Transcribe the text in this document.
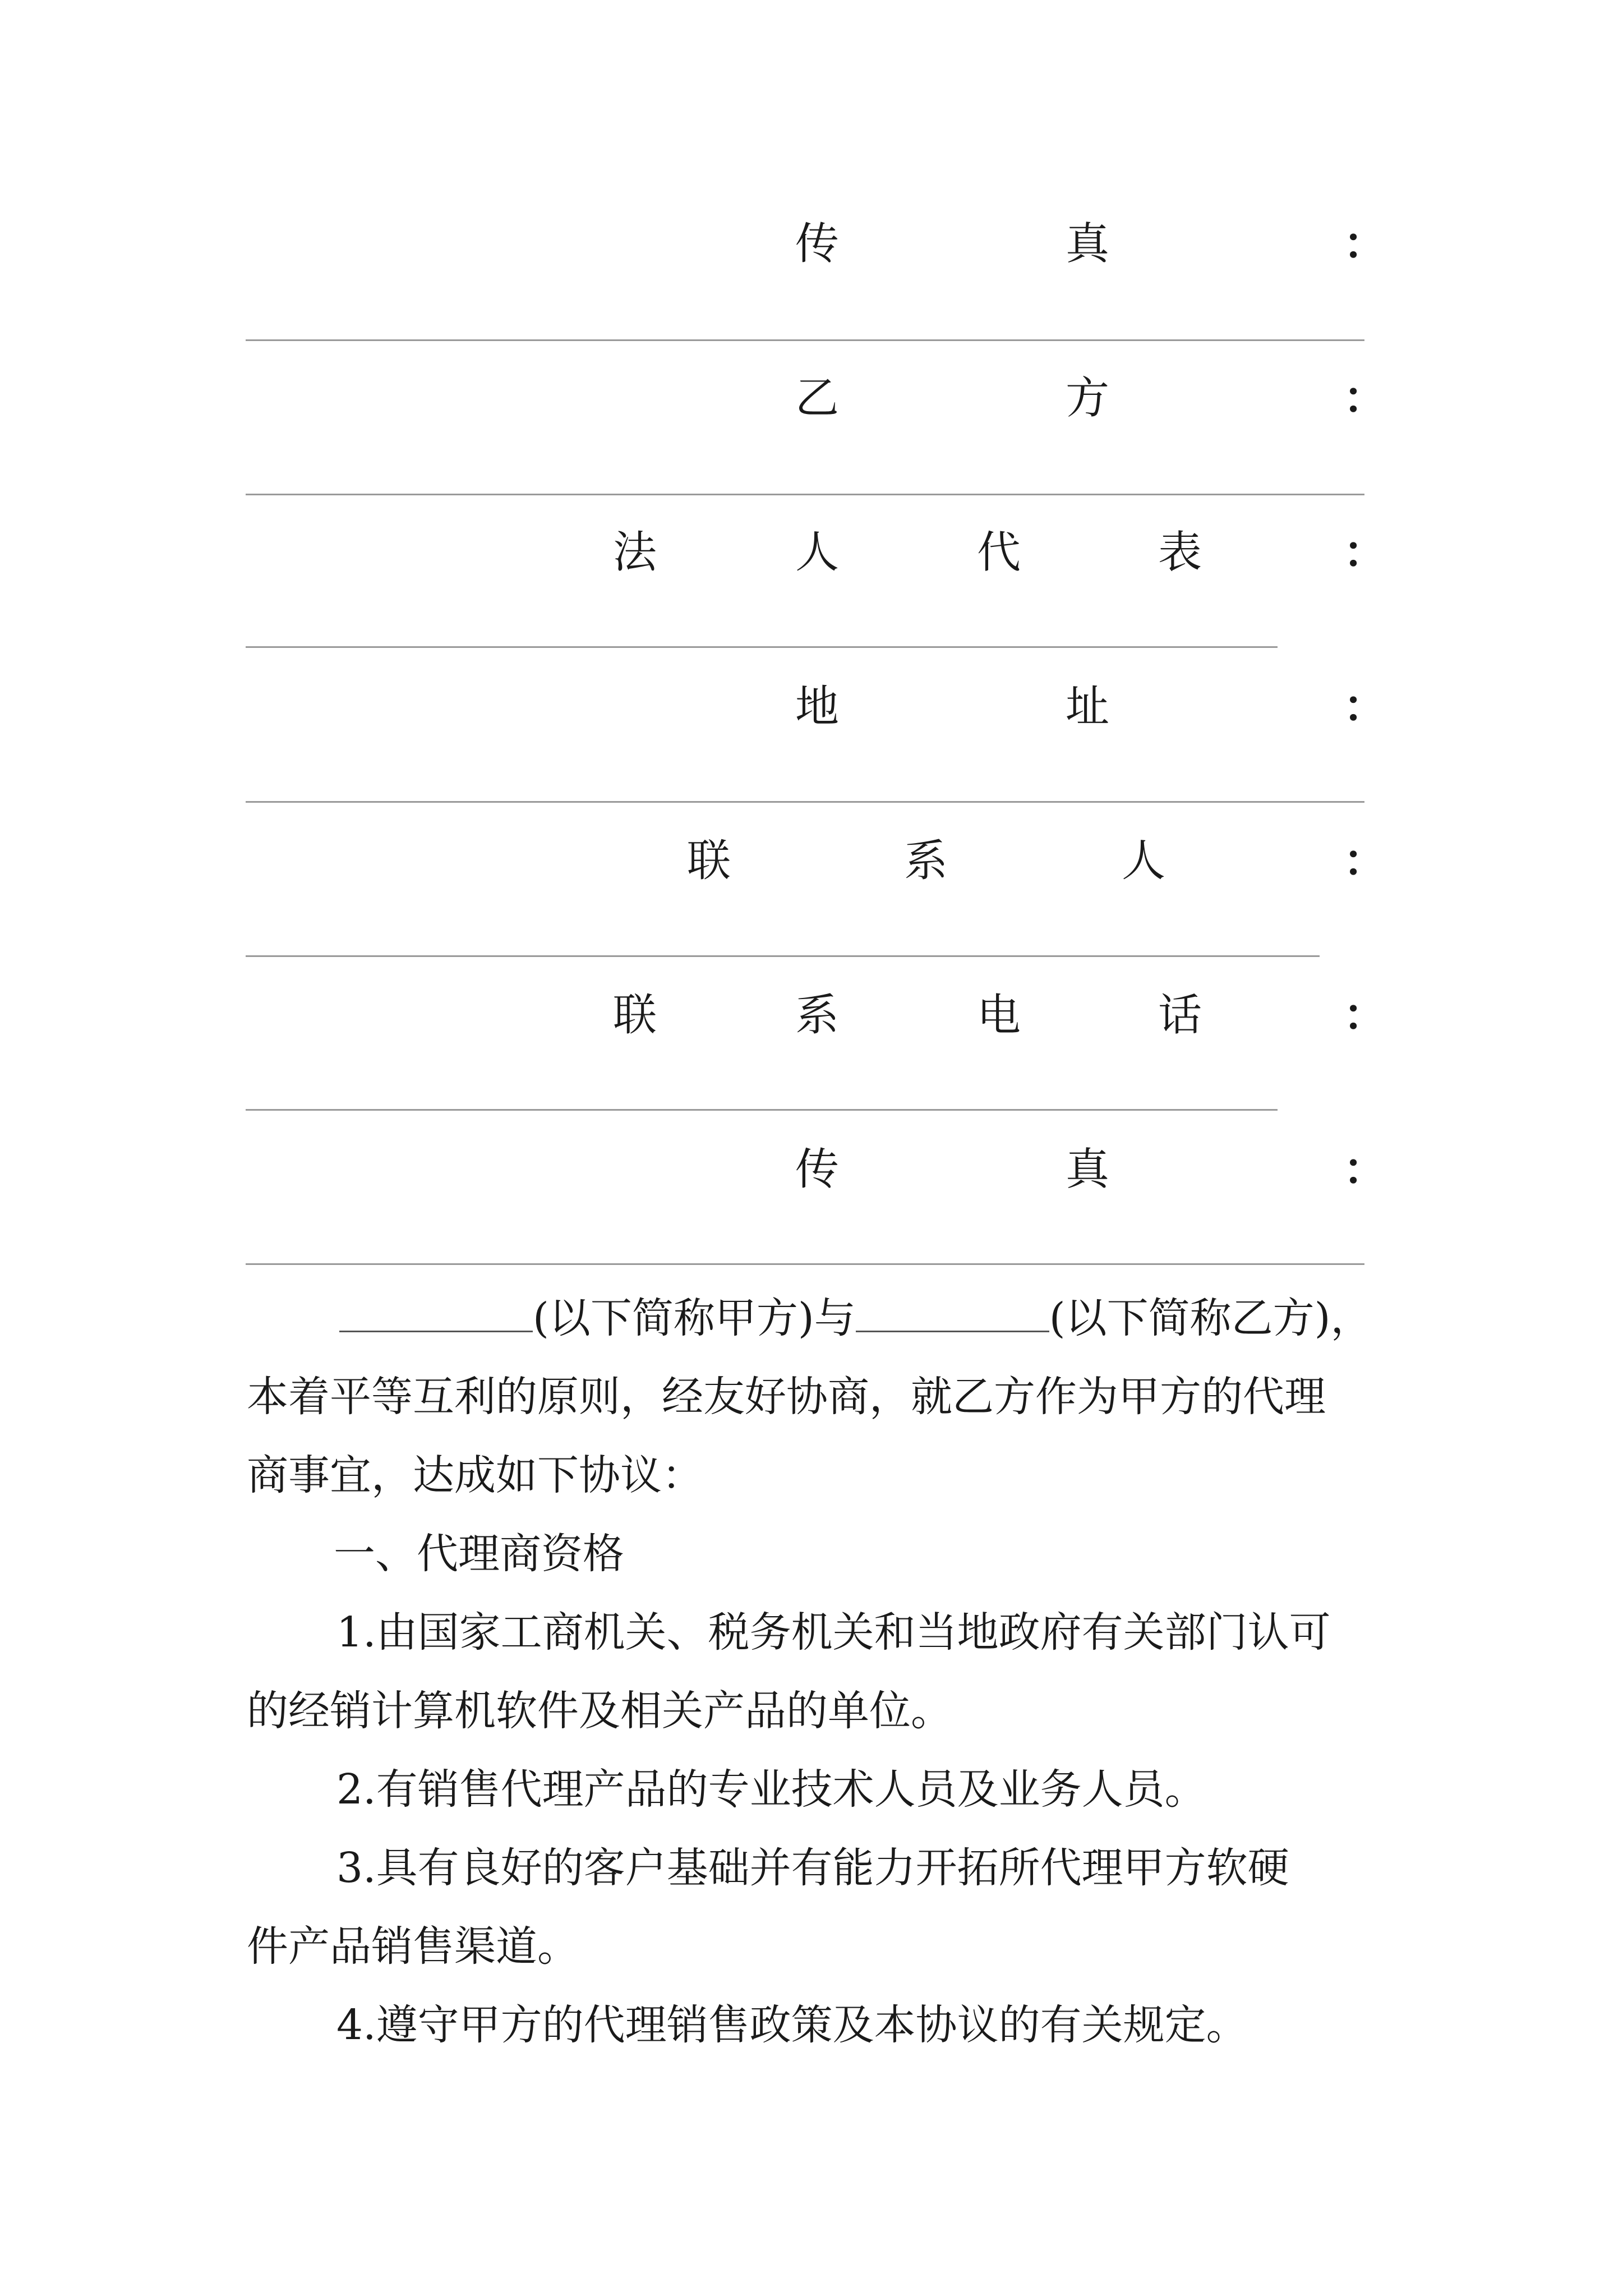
传	真	：
乙	方	：
法	人	代	表	：
地	址	：
联	系	人	：
联	系	电	话	：
传	真	：
(以下简称甲方)与	(以下简称乙方)，
本着平等互利的原则，经友好协商，就乙方作为甲方的代理
商事宜，达成如下协议：
一、代理商资格
1.由国家工商机关、税务机关和当地政府有关部门认可
的经销计算机软件及相关产品的单位。
2.有销售代理产品的专业技术人员及业务人员。
3.具有良好的客户基础并有能力开拓所代理甲方软硬
件产品销售渠道。
4.遵守甲方的代理销售政策及本协议的有关规定。
